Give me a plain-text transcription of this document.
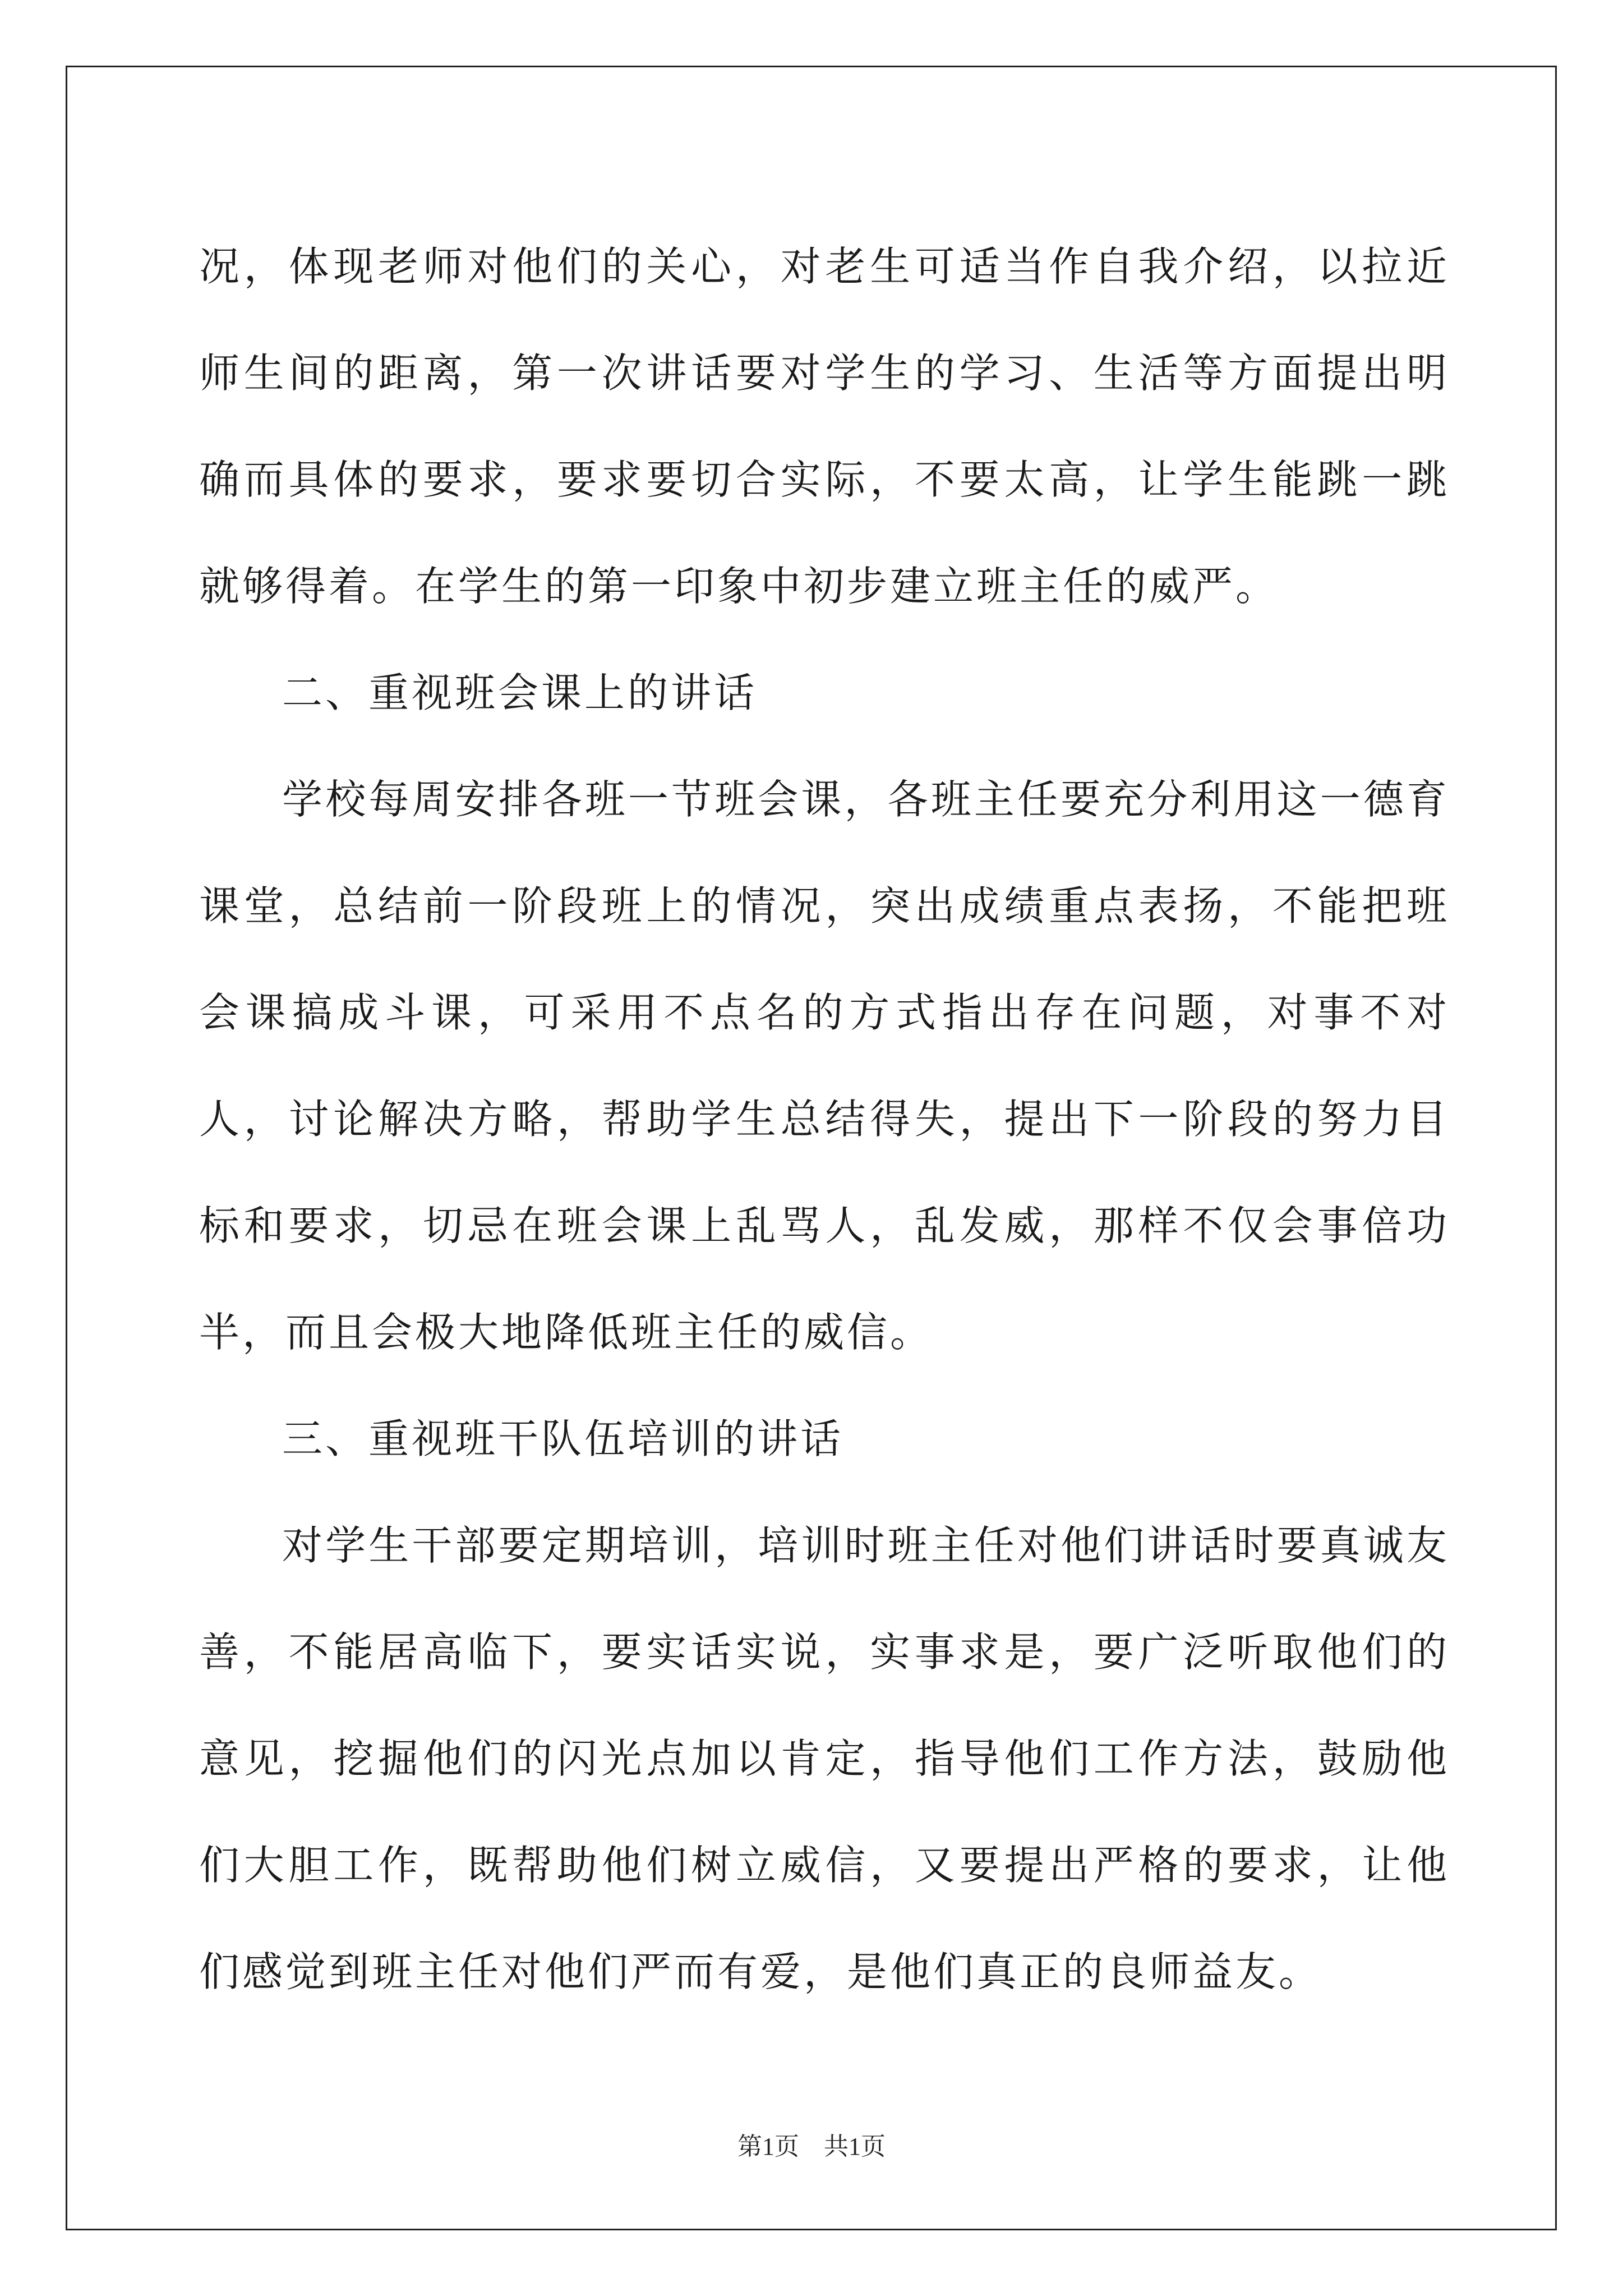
况，体现老师对他们的关心，对老生可适当作自我介绍，以拉近师生间的距离，第一次讲话要对学生的学习、生活等方面提出明确而具体的要求，要求要切合实际，不要太高，让学生能跳一跳就够得着。在学生的第一印象中初步建立班主任的威严。

二、重视班会课上的讲话

学校每周安排各班一节班会课，各班主任要充分利用这一德育课堂，总结前一阶段班上的情况，突出成绩重点表扬，不能把班会课搞成斗课，可采用不点名的方式指出存在问题，对事不对人，讨论解决方略，帮助学生总结得失，提出下一阶段的努力目标和要求，切忌在班会课上乱骂人，乱发威，那样不仅会事倍功半，而且会极大地降低班主任的威信。

三、重视班干队伍培训的讲话

对学生干部要定期培训，培训时班主任对他们讲话时要真诚友善，不能居高临下，要实话实说，实事求是，要广泛听取他们的意见，挖掘他们的闪光点加以肯定，指导他们工作方法，鼓励他们大胆工作，既帮助他们树立威信，又要提出严格的要求，让他们感觉到班主任对他们严而有爱，是他们真正的良师益友。

第1页　共1页
